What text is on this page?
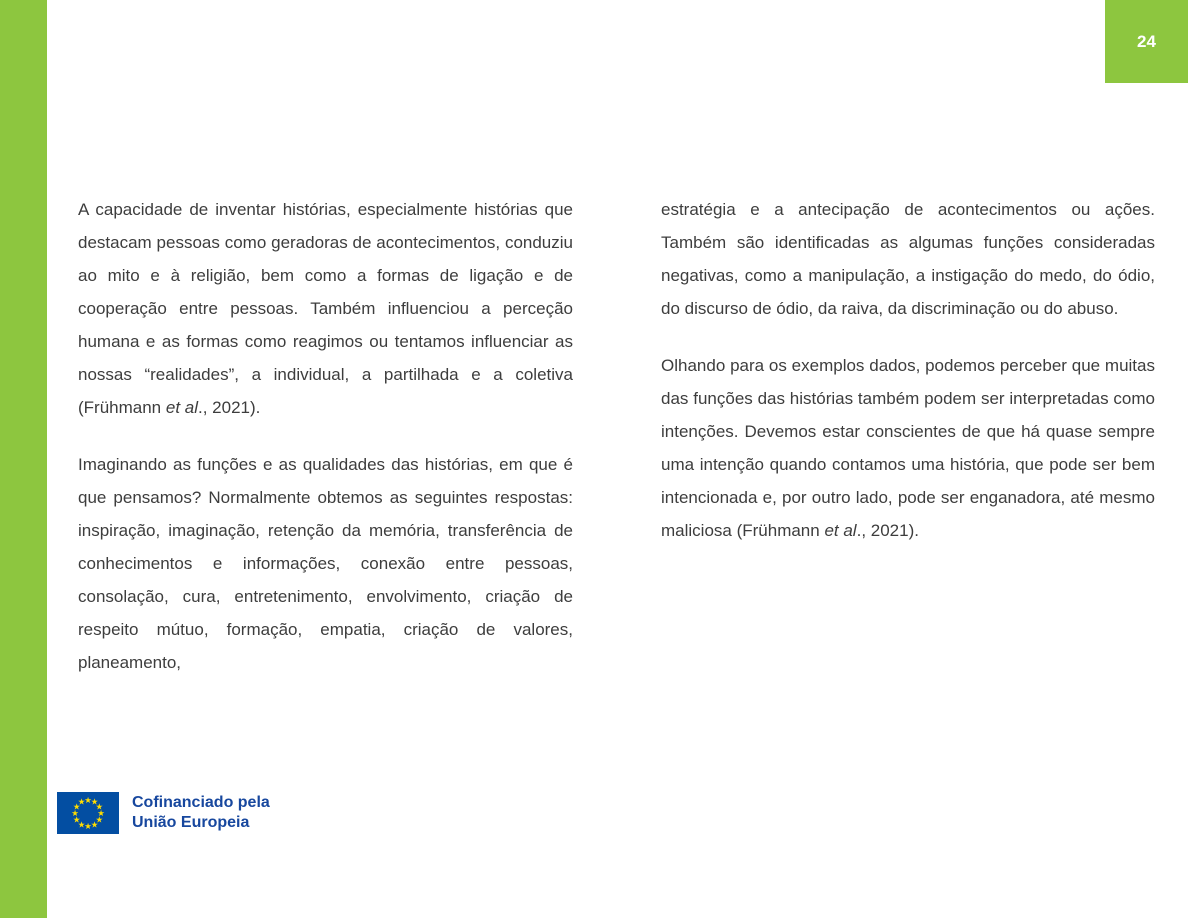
24

A capacidade de inventar histórias, especialmente histórias que destacam pessoas como geradoras de acontecimentos, conduziu ao mito e à religião, bem como a formas de ligação e de cooperação entre pessoas. Também influenciou a perceção humana e as formas como reagimos ou tentamos influenciar as nossas “realidades”, a individual, a partilhada e a coletiva (Frühmann et al., 2021).

Imaginando as funções e as qualidades das histórias, em que é que pensamos? Normalmente obtemos as seguintes respostas: inspiração, imaginação, retenção da memória, transferência de conhecimentos e informações, conexão entre pessoas, consolação, cura, entretenimento, envolvimento, criação de respeito mútuo, formação, empatia, criação de valores, planeamento,

estratégia e a antecipação de acontecimentos ou ações. Também são identificadas as algumas funções consideradas negativas, como a manipulação, a instigação do medo, do ódio, do discurso de ódio, da raiva, da discriminação ou do abuso.

Olhando para os exemplos dados, podemos perceber que muitas das funções das histórias também podem ser interpretadas como intenções. Devemos estar conscientes de que há quase sempre uma intenção quando contamos uma história, que pode ser bem intencionada e, por outro lado, pode ser enganadora, até mesmo maliciosa (Frühmann et al., 2021).

★
★
★
★
★
★
★
★
★
★
★
★	Cofinanciado pela
União Europeia
